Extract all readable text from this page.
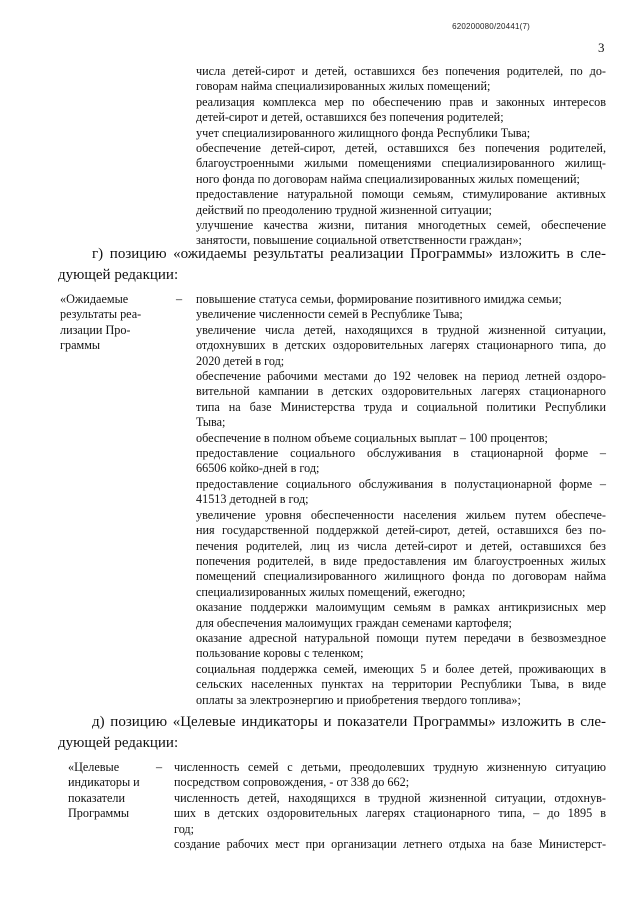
620200080/20441(7)
3
числа детей-сирот и детей, оставшихся без попечения родителей, по до-
говорам найма специализированных жилых помещений;
реализация комплекса мер по обеспечению прав и законных интересов
детей-сирот и детей, оставшихся без попечения родителей;
учет специализированного жилищного фонда Республики Тыва;
обеспечение детей-сирот, детей, оставшихся без попечения родителей,
благоустроенными жилыми помещениями специализированного жилищ-
ного фонда по договорам найма специализированных жилых помещений;
предоставление натуральной помощи семьям, стимулирование активных
действий по преодолению трудной жизненной ситуации;
улучшение качества жизни, питания многодетных семей, обеспечение
занятости, повышение социальной ответственности граждан»;
г) позицию «ожидаемы результаты реализации Программы» изложить в сле-
дующей редакции:
«Ожидаемые
результаты реа-
лизации Про-
граммы
– повышение статуса семьи, формирование позитивного имиджа семьи;
увеличение численности семей в Республике Тыва;
увеличение числа детей, находящихся в трудной жизненной ситуации,
отдохнувших в детских оздоровительных лагерях стационарного типа, до
2020 детей в год;
обеспечение рабочими местами до 192 человек на период летней оздоро-
вительной кампании в детских оздоровительных лагерях стационарного
типа на базе Министерства труда и социальной политики Республики
Тыва;
обеспечение в полном объеме социальных выплат – 100 процентов;
предоставление социального обслуживания в стационарной форме –
66506 койко-дней в год;
предоставление социального обслуживания в полустационарной форме –
41513 детодней в год;
увеличение уровня обеспеченности населения жильем путем обеспече-
ния государственной поддержкой детей-сирот, детей, оставшихся без по-
печения родителей, лиц из числа детей-сирот и детей, оставшихся без
попечения родителей, в виде предоставления им благоустроенных жилых
помещений специализированного жилищного фонда по договорам найма
специализированных жилых помещений, ежегодно;
оказание поддержки малоимущим семьям в рамках антикризисных мер
для обеспечения малоимущих граждан семенами картофеля;
оказание адресной натуральной помощи путем передачи в безвозмездное
пользование коровы с теленком;
социальная поддержка семей, имеющих 5 и более детей, проживающих в
сельских населенных пунктах на территории Республики Тыва, в виде
оплаты за электроэнергию и приобретения твердого топлива»;
д) позицию «Целевые индикаторы и показатели Программы» изложить в сле-
дующей редакции:
«Целевые
индикаторы и
показатели
Программы
– численность семей с детьми, преодолевших трудную жизненную ситуацию
посредством сопровождения, - от 338 до 662;
численность детей, находящихся в трудной жизненной ситуации, отдохнув-
ших в детских оздоровительных лагерях стационарного типа, – до 1895 в
год;
создание рабочих мест при организации летнего отдыха на базе Министерст-
